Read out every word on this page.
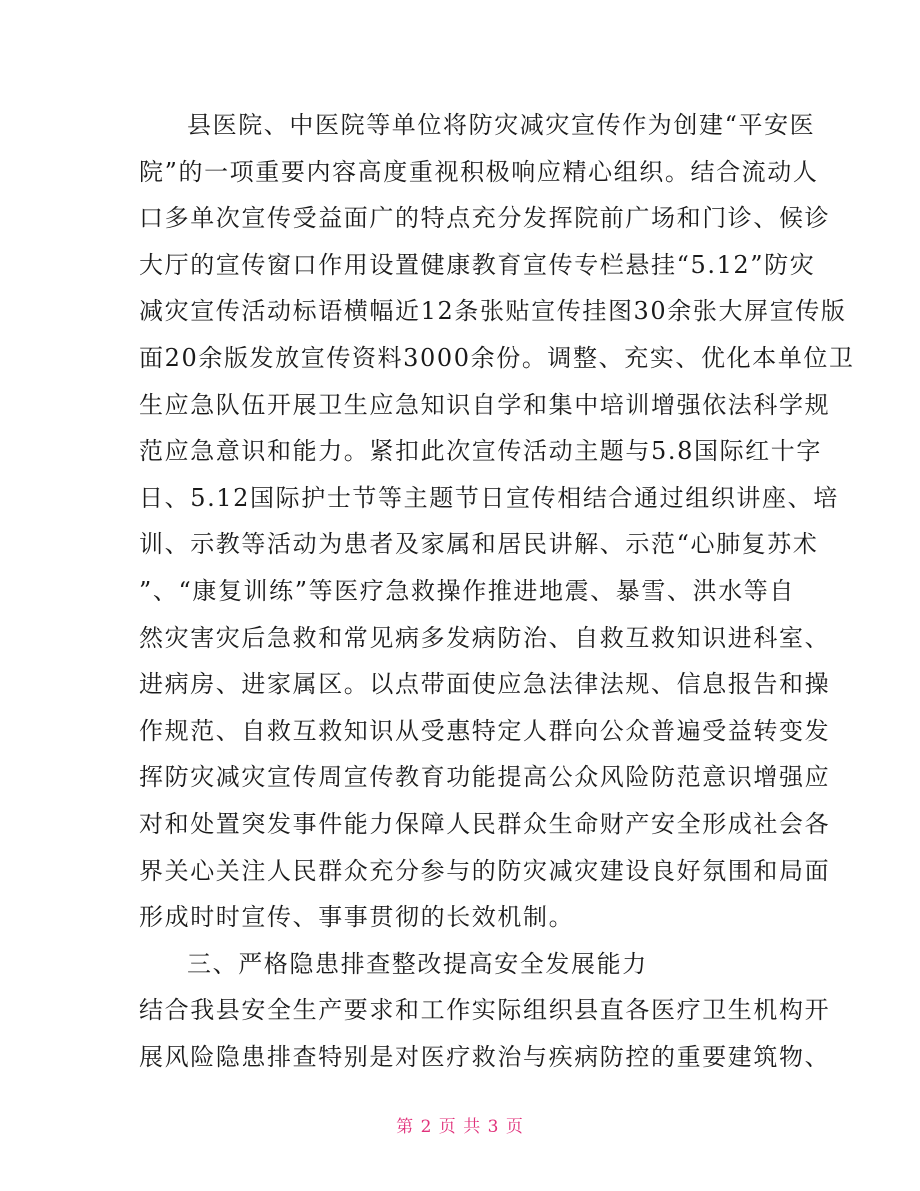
县医院、中医院等单位将防灾减灾宣传作为创建“平安医
院”的一项重要内容高度重视积极响应精心组织。结合流动人
口多单次宣传受益面广的特点充分发挥院前广场和门诊、候诊
大厅的宣传窗口作用设置健康教育宣传专栏悬挂“5.12”防灾
减灾宣传活动标语横幅近12条张贴宣传挂图30余张大屏宣传版
面20余版发放宣传资料3000余份。调整、充实、优化本单位卫
生应急队伍开展卫生应急知识自学和集中培训增强依法科学规
范应急意识和能力。紧扣此次宣传活动主题与5.8国际红十字
日、5.12国际护士节等主题节日宣传相结合通过组织讲座、培
训、示教等活动为患者及家属和居民讲解、示范“心肺复苏术
”、“康复训练”等医疗急救操作推进地震、暴雪、洪水等自
然灾害灾后急救和常见病多发病防治、自救互救知识进科室、
进病房、进家属区。以点带面使应急法律法规、信息报告和操
作规范、自救互救知识从受惠特定人群向公众普遍受益转变发
挥防灾减灾宣传周宣传教育功能提高公众风险防范意识增强应
对和处置突发事件能力保障人民群众生命财产安全形成社会各
界关心关注人民群众充分参与的防灾减灾建设良好氛围和局面
形成时时宣传、事事贯彻的长效机制。
三、严格隐患排查整改提高安全发展能力
结合我县安全生产要求和工作实际组织县直各医疗卫生机构开
展风险隐患排查特别是对医疗救治与疾病防控的重要建筑物、
第 2 页 共 3 页
